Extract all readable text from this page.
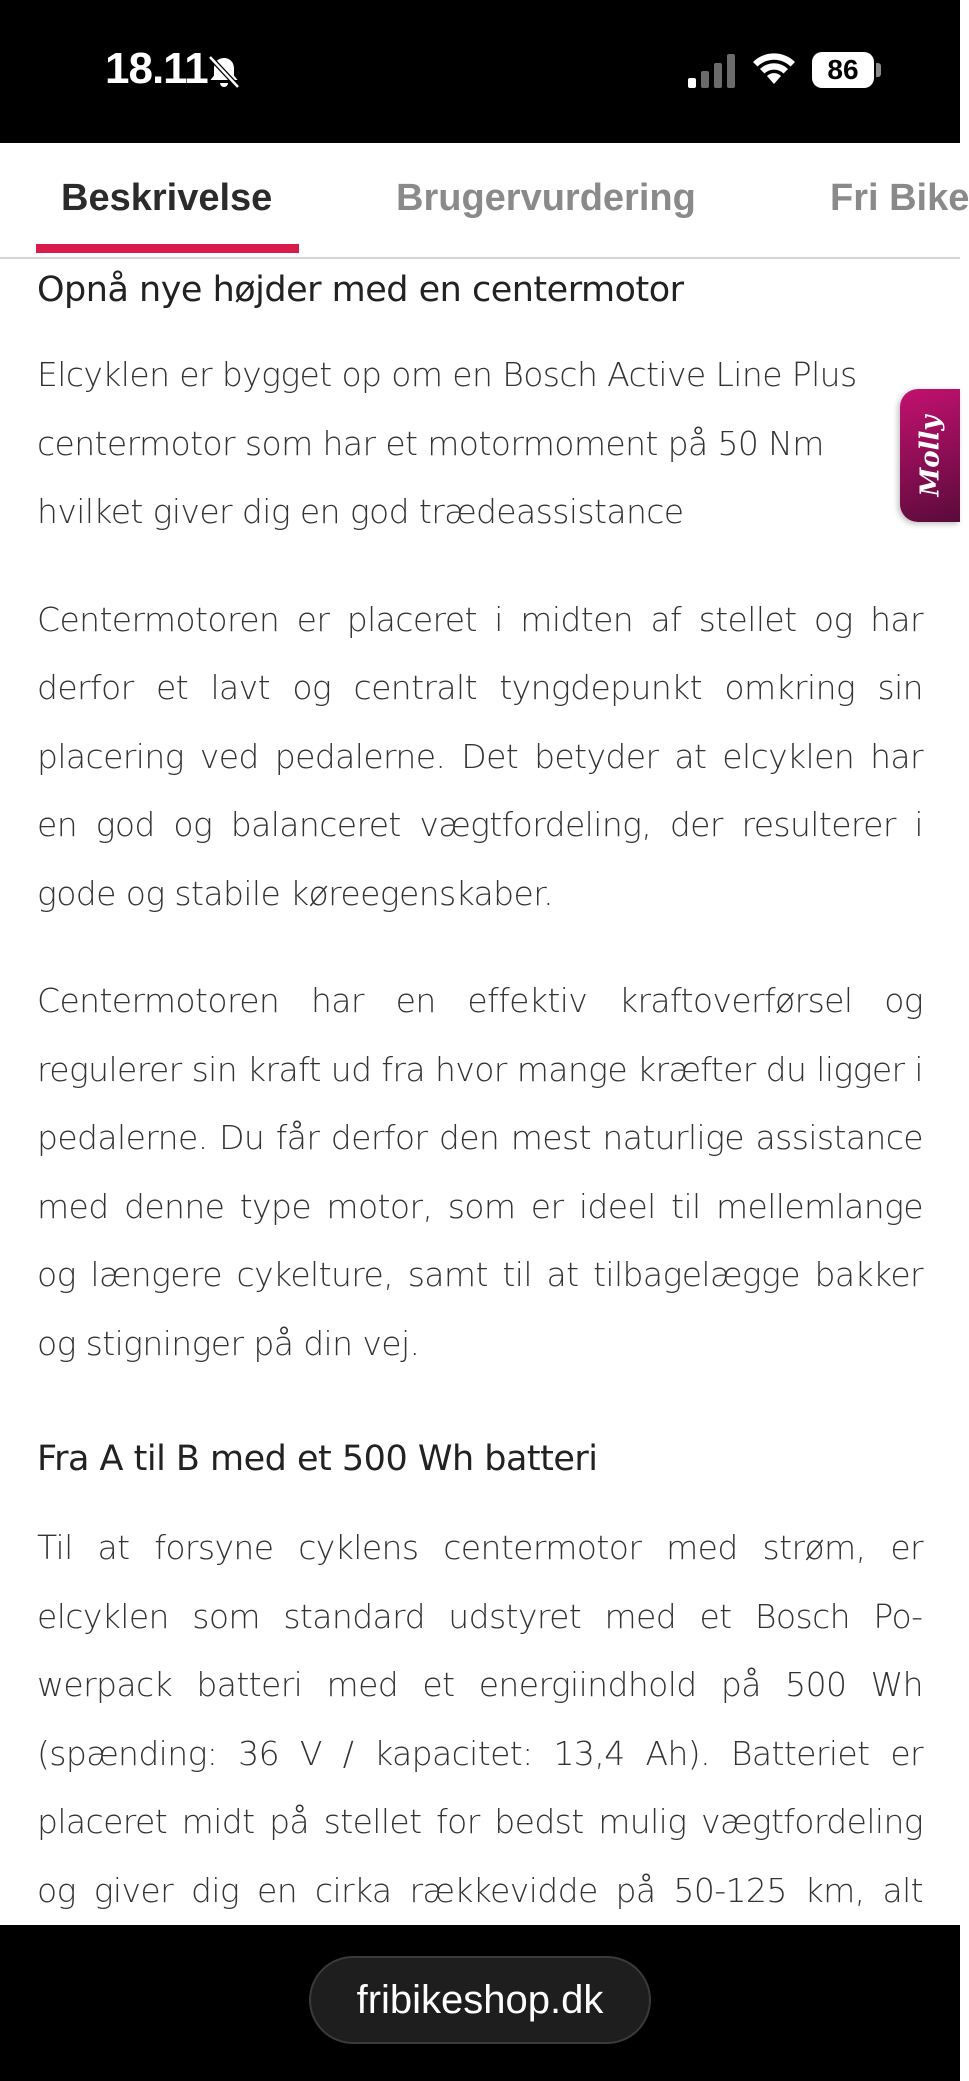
18.11	86
Beskrivelse	Brugervurdering	Fri Bike
Opnå nye højder med en centermotor

Elcyklen er bygget op om en Bosch Active Line Plus centermotor som har et motormoment på 50 Nm hvilket giver dig en god trædeassistance

Centermotoren er placeret i midten af stellet og har derfor et lavt og centralt tyngdepunkt omkring sin placering ved pedalerne. Det betyder at elcyklen har en god og balanceret vægtfordeling, der resulterer i gode og stabile køreegenskaber.

Centermotoren har en effektiv kraftoverførsel og regulerer sin kraft ud fra hvor mange kræfter du ligger i pedalerne. Du får derfor den mest naturlige assistance med denne type motor, som er ideel til mellemlange og længere cykelture, samt til at tilbagelægge bakker og stigninger på din vej.

Fra A til B med et 500 Wh batteri

Til at forsyne cyklens centermotor med strøm, er elcyklen som standard udstyret med et Bosch Powerpack batteri med et energiindhold på 500 Wh (spænding: 36 V / kapacitet: 13,4 Ah). Batteriet er placeret midt på stellet for bedst mulig vægtfordeling og giver dig en cirka rækkevidde på 50-125 km, alt

Molly
fribikeshop.dk
